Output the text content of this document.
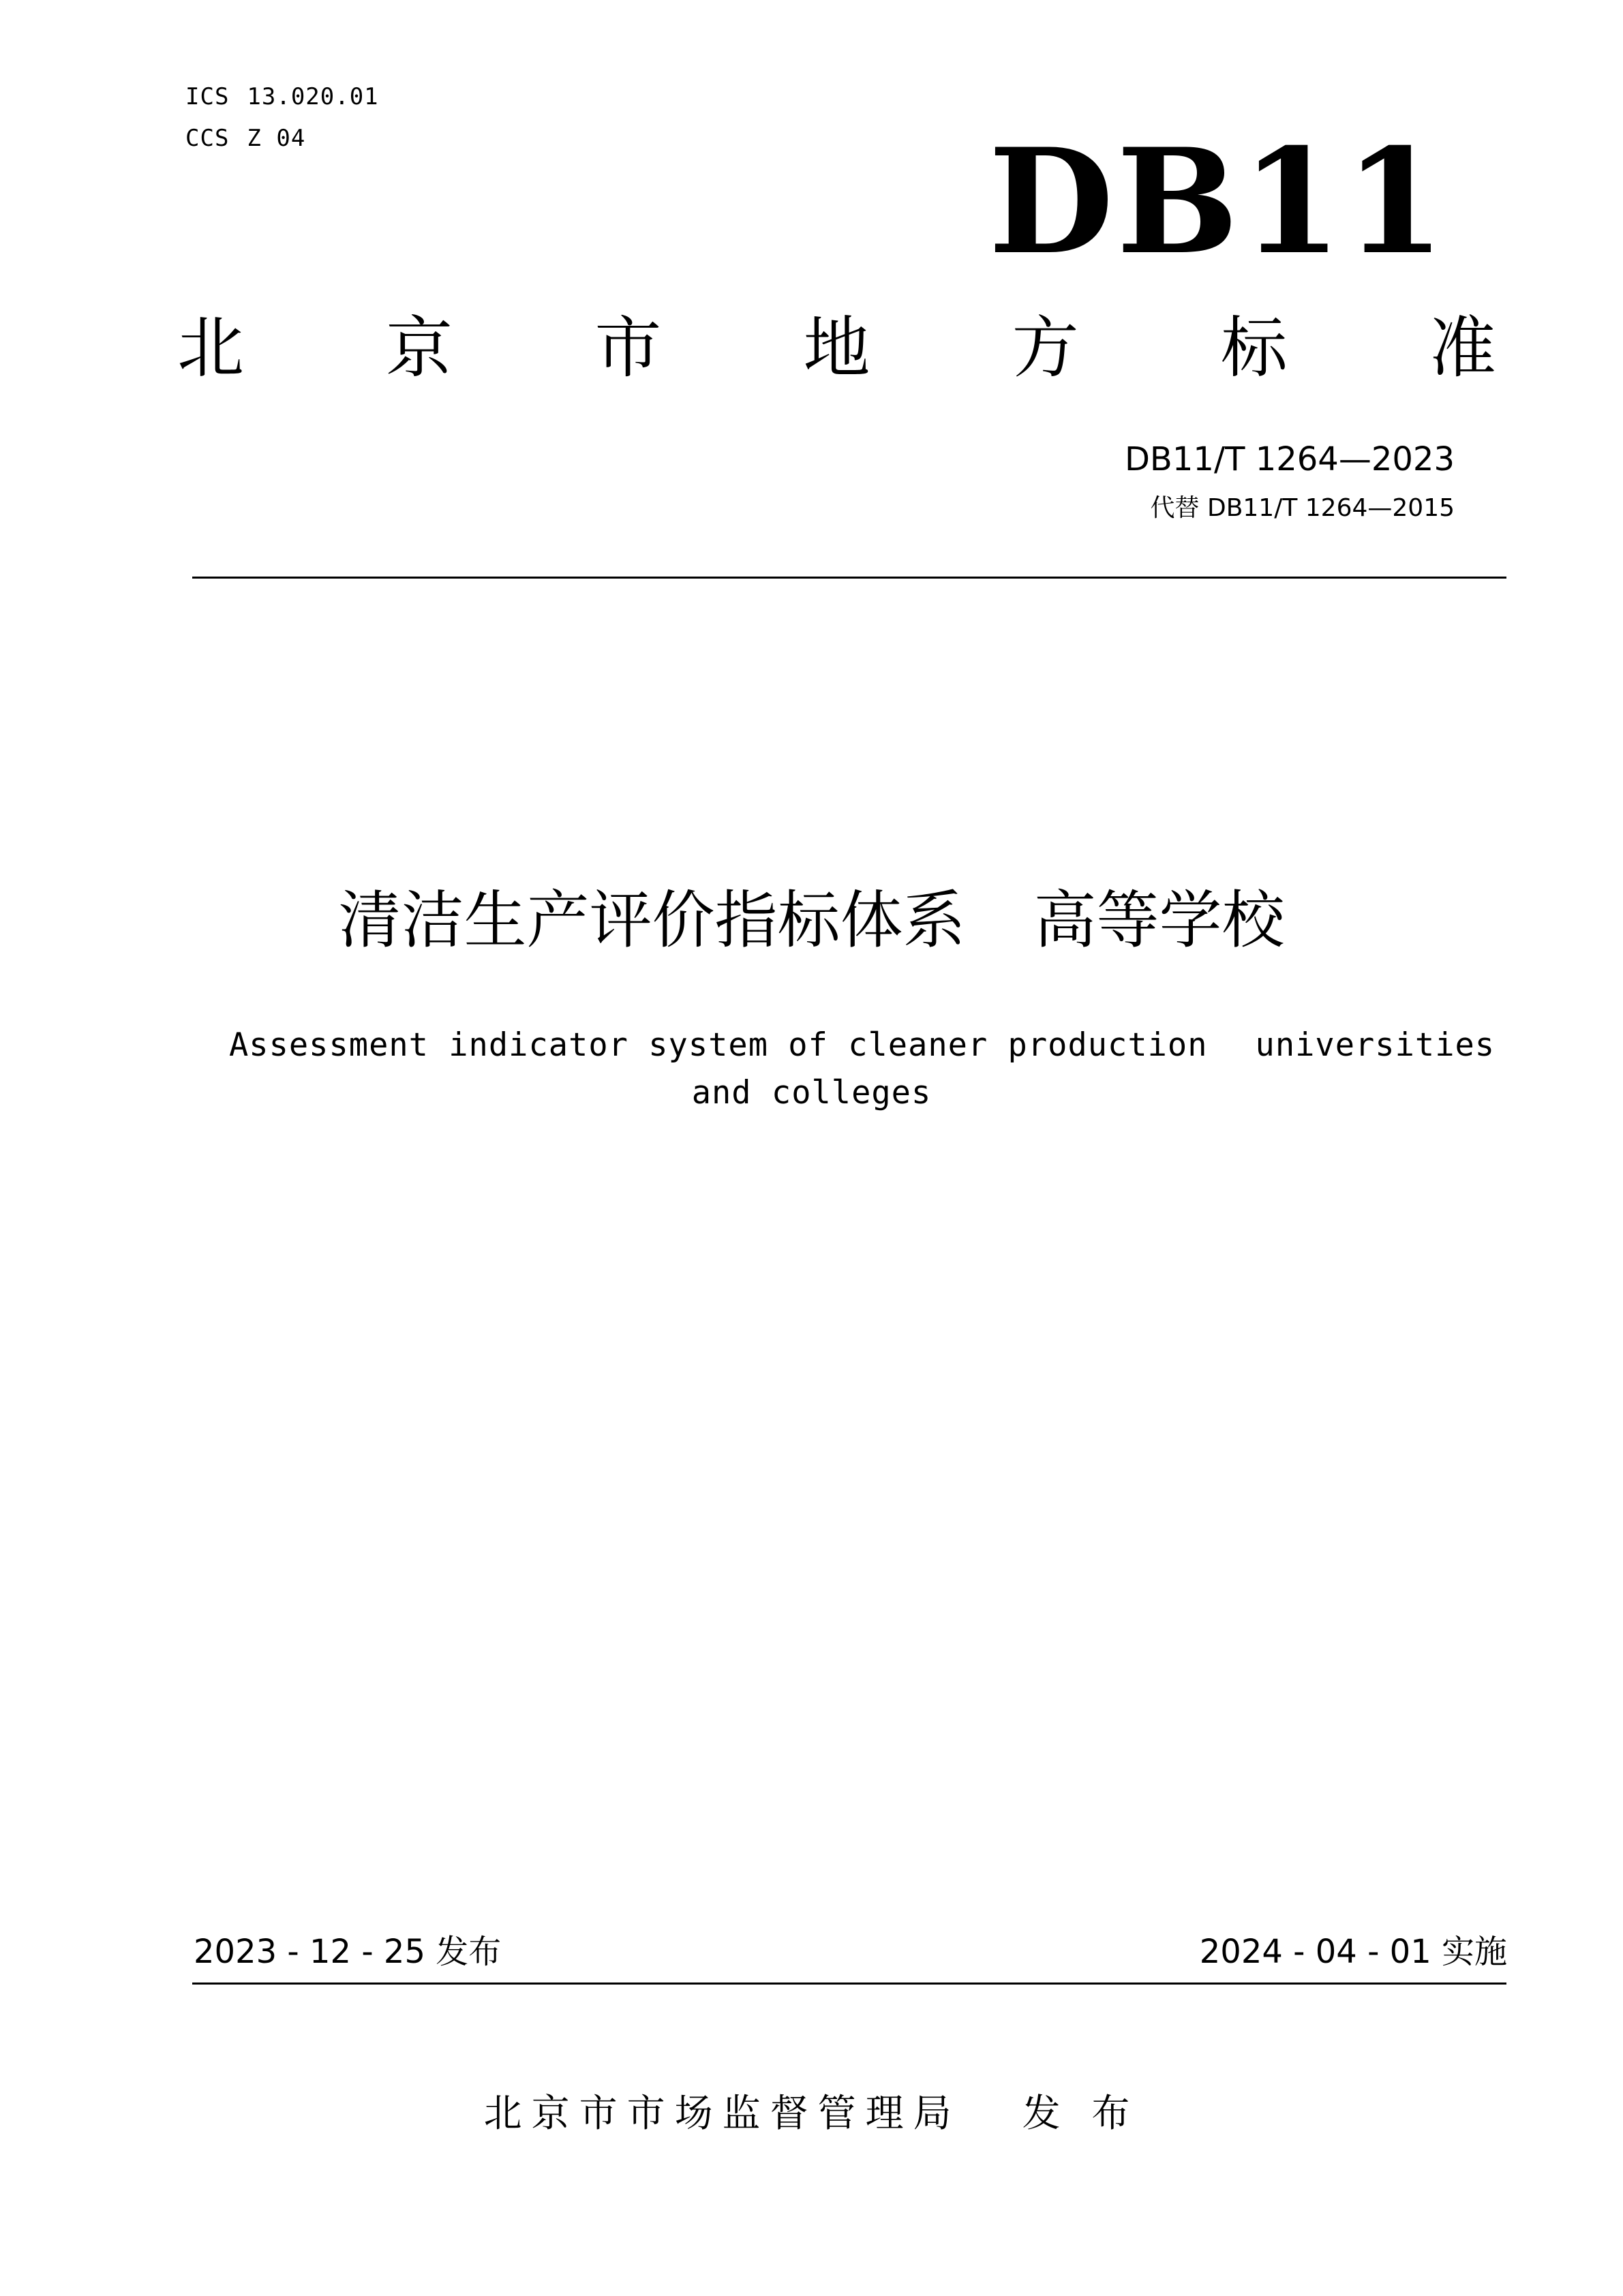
ICS 13.020.01
CCS Z 04	DB11
北 京 市 地 方 标 准
DB11/T 1264—2023
代替 DB11/T 1264—2015
清洁生产评价指标体系 高等学校
Assessment indicator system of cleaner production universities
and colleges
2023 - 12 - 25 发布	2024 - 04 - 01 实施
北京市市场监督管理局 发 布
